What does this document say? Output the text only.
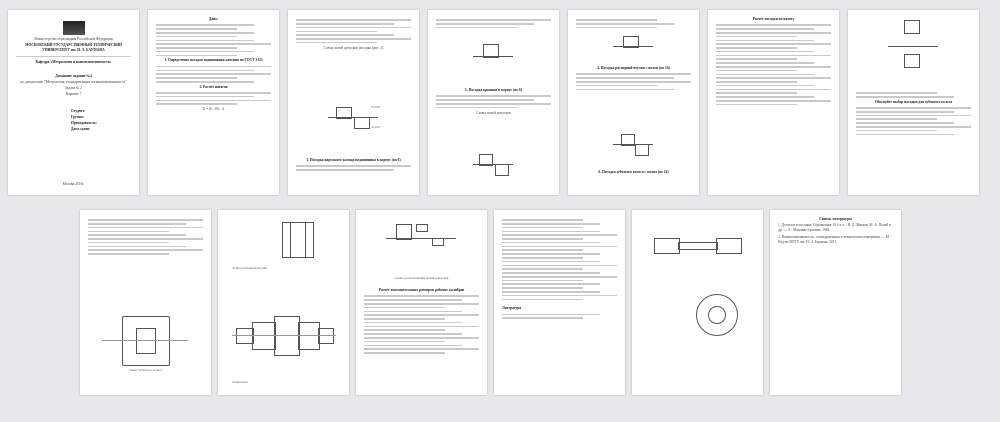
Министерство образования Российской Федерации
МОСКОВСКИЙ ГОСУДАРСТВЕННЫЙ ТЕХНИЧЕСКИЙ УНИВЕРСИТЕТ им. Н. Э. БАУМАНА
Кафедра «Метрология и взаимозаменяемость»
Домашнее задание №4
по дисциплине "Метрология, стандартизация и взаимозаменяемость"
Задача № 2
Вариант 7
Студент:
Группа:
Преподаватель:
Дата сдачи:
Москва 2016г.
Дано:
1. Определение посадок подшипника качения по ГОСТ 3325
2. Расчёт натягов
Z = (6...10) · d
Схема полей допусков посадки (рис. 1)
+0,025
-0,010
3. Посадка наружного кольца подшипника в корпус (по 6)
5. Посадка крышки в корпус (по 6)
Схема полей допусков
4. Посадка распорной втулки с валом (по 16)
6. Посадка зубчатого колеса с валом (по 16)
Расчёт посадки по натягу
Обоснуйте выбор посадки для зубчатого колеса
Эскиз зубчатого колеса
Эскиз распорной втулки
Эскиз вала
Схема расположения полей допусков
Расчёт исполнительных размеров рабочих калибров
Литература
Список литературы
1. Допуски и посадки: Справочник. В 2-х ч. / В. Д. Мягков, М. А. Палей и др. — Л.: Машиностроение, 1982.
2. Взаимозаменяемость, стандартизация и технические измерения. — М.: Изд-во МГТУ им. Н. Э. Баумана, 2011.
